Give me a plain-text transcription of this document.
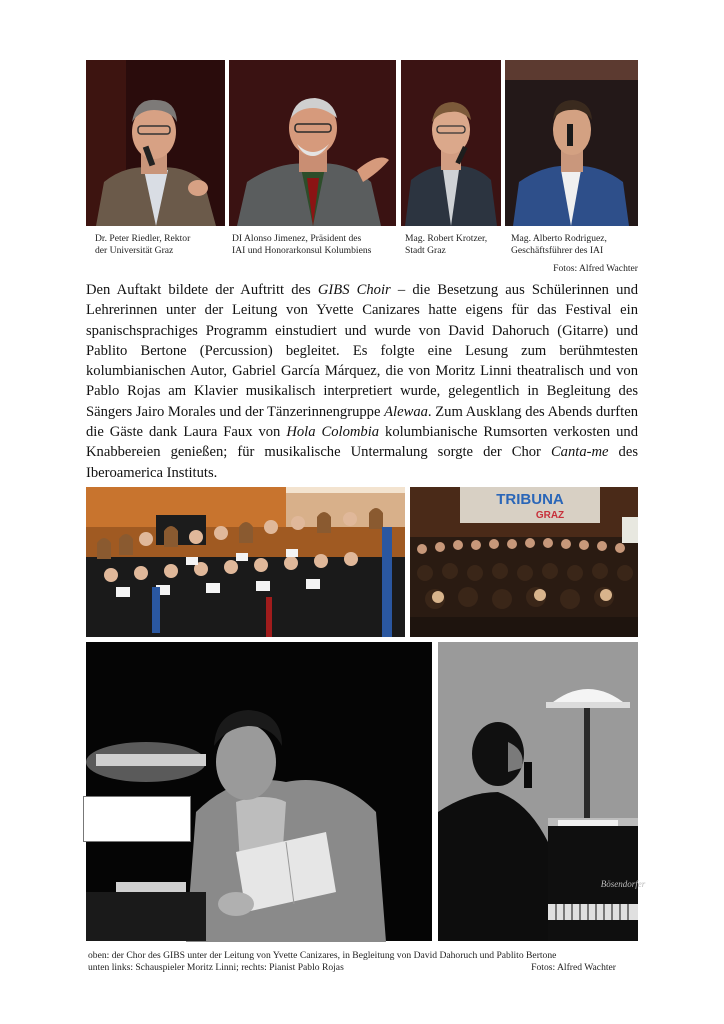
Dr. Peter Riedler, Rektor
der Universität Graz
DI Alonso Jimenez, Präsident des
IAI und Honorarkonsul Kolumbiens
Mag. Robert Krotzer,
Stadt Graz
Mag. Alberto Rodriguez,
Geschäftsführer des IAI
Fotos: Alfred Wachter
Den Auftakt bildete der Auftritt des GIBS Choir – die Besetzung aus Schülerinnen und Lehrerinnen unter der Leitung von Yvette Canizares hatte eigens für das Festival ein spanischsprachiges Programm einstudiert und wurde von David Dahoruch (Gitarre) und Pablito Bertone (Percussion) begleitet. Es folgte eine Lesung zum berühmtesten kolumbianischen Autor, Gabriel García Márquez, die von Moritz Linni theatralisch und von Pablo Rojas am Klavier musikalisch interpretiert wurde, gelegentlich in Begleitung des Sängers Jairo Morales und der Tänzerinnengruppe Alewaa. Zum Ausklang des Abends durften die Gäste dank Laura Faux von Hola Colombia kolumbianische Rumsorten verkosten und Knabbereien genießen; für musikalische Untermalung sorgte der Chor Canta-me des Iberoamerica Instituts.
TRIBUNA
GRAZ
Bösendorfer
oben: der Chor des GIBS unter der Leitung von Yvette Canizares, in Begleitung von David Dahoruch und Pablito Bertone
unten links: Schauspieler Moritz Linni; rechts: Pianist Pablo Rojas	Fotos: Alfred Wachter
